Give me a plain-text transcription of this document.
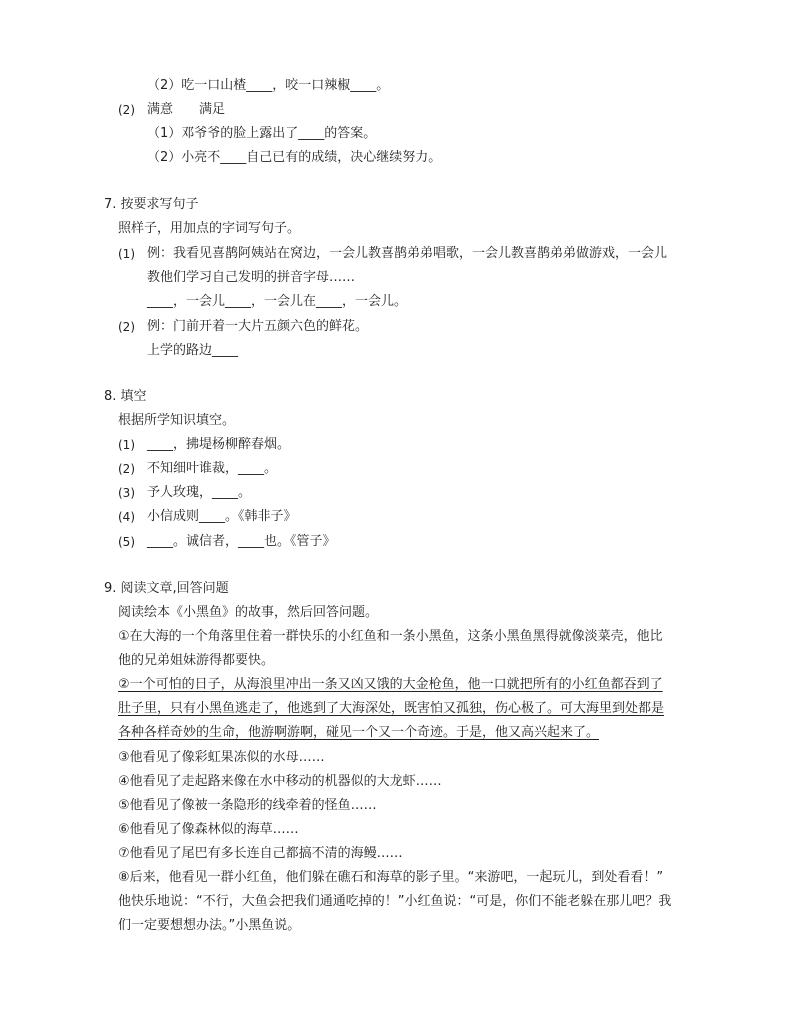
（2）吃一口山楂____，咬一口辣椒____。
(2) 满意　　满足
（1）邓爷爷的脸上露出了____的答案。
（2）小亮不____自己已有的成绩，决心继续努力。
7. 按要求写句子
照样子，用加点的字词写句子。
(1) 例：我看见喜鹊阿姨站在窝边，一会儿教喜鹊弟弟唱歌，一会儿教喜鹊弟弟做游戏，一会儿
教他们学习自己发明的拼音字母……
____，一会儿____，一会儿在____，一会儿。
(2) 例：门前开着一大片五颜六色的鲜花。
上学的路边____
8. 填空
根据所学知识填空。
(1) ____，拂堤杨柳醉春烟。
(2) 不知细叶谁裁，____。
(3) 予人玫瑰，____。
(4) 小信成则____。《韩非子》
(5) ____。诚信者，____也。《管子》
9. 阅读文章,回答问题
阅读绘本《小黑鱼》的故事，然后回答问题。
①在大海的一个角落里住着一群快乐的小红鱼和一条小黑鱼，这条小黑鱼黑得就像淡菜壳，他比
他的兄弟姐妹游得都要快。
②一个可怕的日子，从海浪里冲出一条又凶又饿的大金枪鱼，他一口就把所有的小红鱼都吞到了
肚子里，只有小黑鱼逃走了，他逃到了大海深处，既害怕又孤独，伤心极了。可大海里到处都是
各种各样奇妙的生命，他游啊游啊，碰见一个又一个奇迹。于是，他又高兴起来了。
③他看见了像彩虹果冻似的水母……
④他看见了走起路来像在水中移动的机器似的大龙虾……
⑤他看见了像被一条隐形的线牵着的怪鱼……
⑥他看见了像森林似的海草……
⑦他看见了尾巴有多长连自己都搞不清的海鳗……
⑧后来，他看见一群小红鱼，他们躲在礁石和海草的影子里。“来游吧，一起玩儿，到处看看！”
他快乐地说：“不行，大鱼会把我们通通吃掉的！”小红鱼说：“可是，你们不能老躲在那儿吧？我
们一定要想想办法。”小黑鱼说。
